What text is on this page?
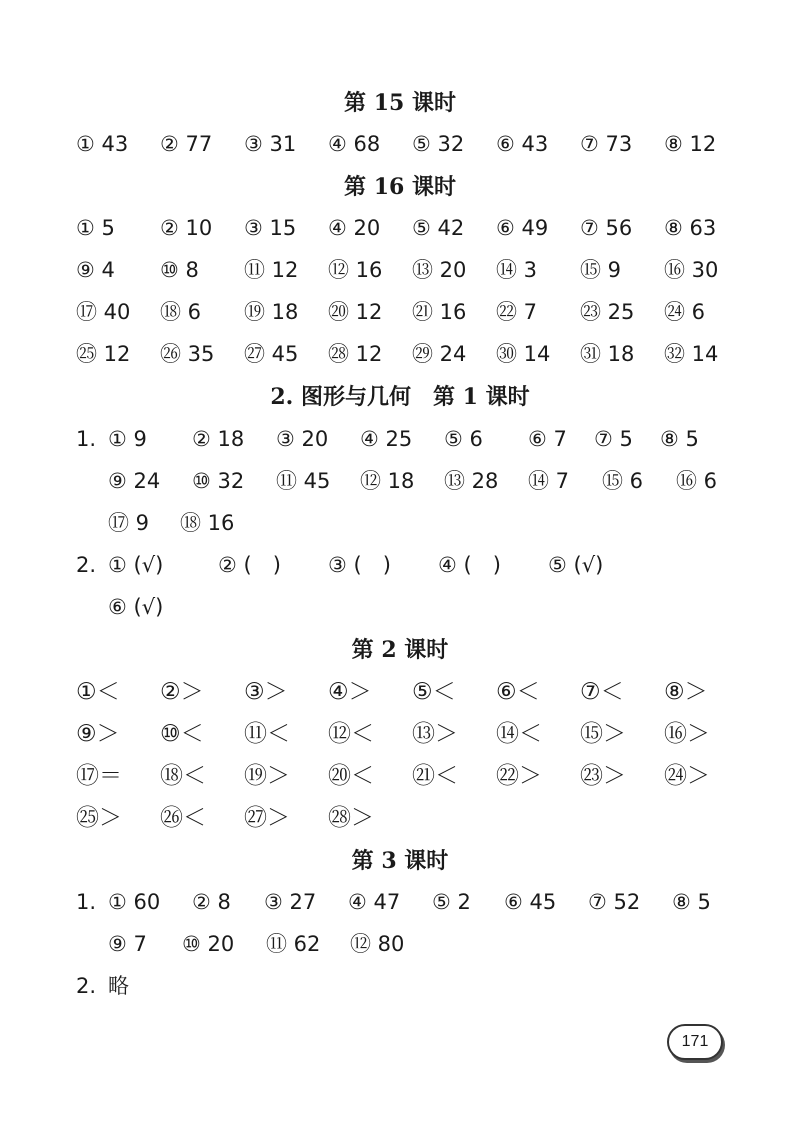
第 15 课时
① 43 ② 77 ③ 31 ④ 68 ⑤ 32 ⑥ 43 ⑦ 73 ⑧ 12
第 16 课时
① 5 ② 10 ③ 15 ④ 20 ⑤ 42 ⑥ 49 ⑦ 56 ⑧ 63
⑨ 4 ⑩ 8 ⑪ 12 ⑫ 16 ⑬ 20 ⑭ 3 ⑮ 9 ⑯ 30
⑰ 40 ⑱ 6 ⑲ 18 ⑳ 12 ㉑ 16 ㉒ 7 ㉓ 25 ㉔ 6
㉕ 12 ㉖ 35 ㉗ 45 ㉘ 12 ㉙ 24 ㉚ 14 ㉛ 18 ㉜ 14
2. 图形与几何　第 1 课时
1. ① 9 ② 18 ③ 20 ④ 25 ⑤ 6 ⑥ 7 ⑦ 5 ⑧ 5
⑨ 24 ⑩ 32 ⑪ 45 ⑫ 18 ⑬ 28 ⑭ 7 ⑮ 6 ⑯ 6
⑰ 9 ⑱ 16
2. ① (√)	② (　) ③ (　) ④ (　) ⑤ (√)
⑥ (√)
第 2 课时
①＜ ②＞ ③＞ ④＞ ⑤＜ ⑥＜ ⑦＜ ⑧＞
⑨＞ ⑩＜ ⑪＜ ⑫＜ ⑬＞ ⑭＜ ⑮＞ ⑯＞
⑰＝ ⑱＜ ⑲＞ ⑳＜ ㉑＜ ㉒＞ ㉓＞ ㉔＞
㉕＞ ㉖＜ ㉗＞ ㉘＞
第 3 课时
1. ① 60 ② 8 ③ 27 ④ 47 ⑤ 2 ⑥ 45 ⑦ 52 ⑧ 5
⑨ 7 ⑩ 20 ⑪ 62 ⑫ 80
2. 略
171
